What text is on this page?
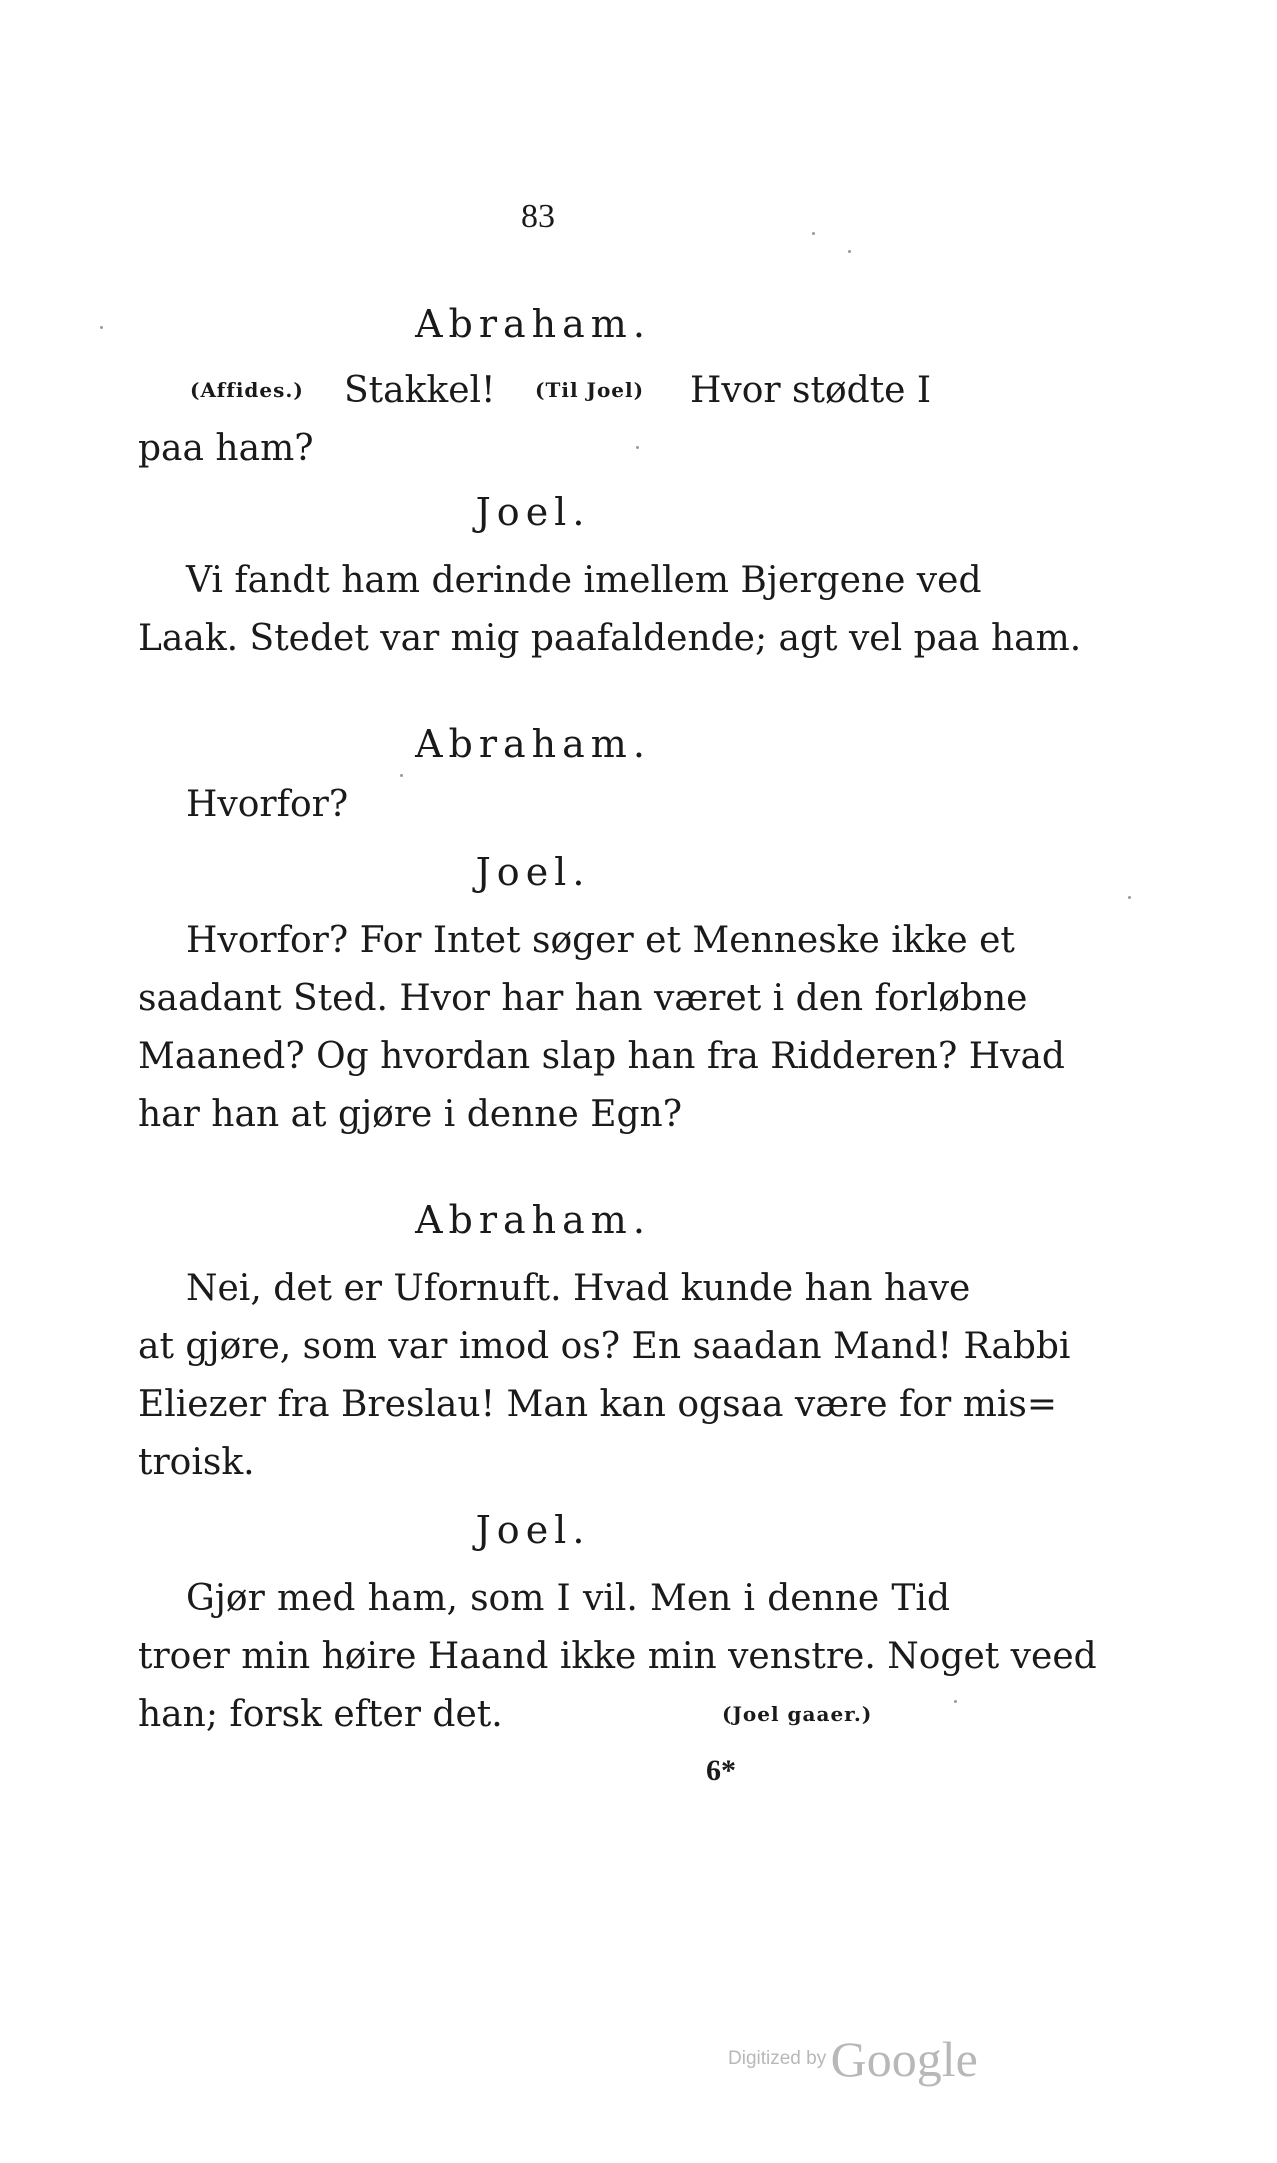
83
Abraham.
(Affides.) Stakkel! (Til Joel) Hvor stødte I
paa ham?
Joel.
Vi fandt ham derinde imellem Bjergene ved
Laak. Stedet var mig paafaldende; agt vel paa ham.
Abraham.
Hvorfor?
Joel.
Hvorfor? For Intet søger et Menneske ikke et
saadant Sted. Hvor har han været i den forløbne
Maaned? Og hvordan slap han fra Ridderen? Hvad
har han at gjøre i denne Egn?
Abraham.
Nei, det er Ufornuft. Hvad kunde han have
at gjøre, som var imod os? En saadan Mand! Rabbi
Eliezer fra Breslau! Man kan ogsaa være for mis=
troisk.
Joel.
Gjør med ham, som I vil. Men i denne Tid
troer min høire Haand ikke min venstre. Noget veed
han; forsk efter det.	(Joel gaaer.)
6*
Digitized by Google
